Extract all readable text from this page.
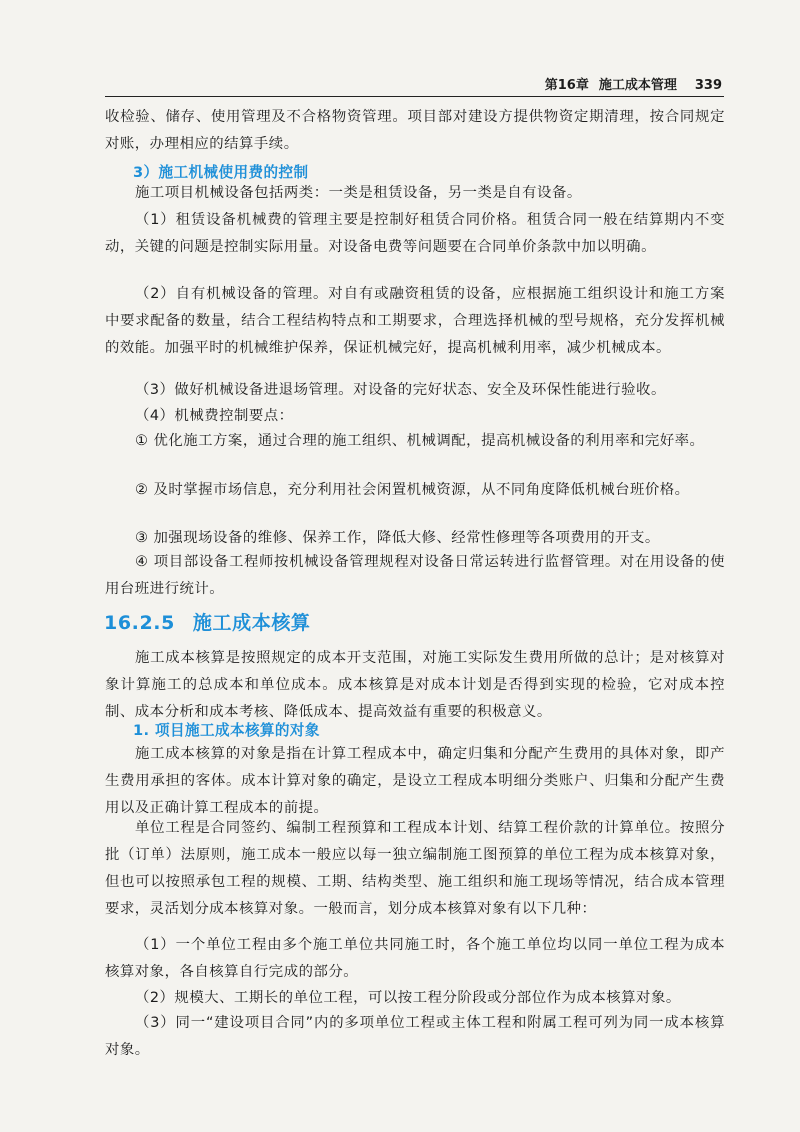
第16章 施工成本管理 339
收检验、储存、使用管理及不合格物资管理。项目部对建设方提供物资定期清理，按合同规定对账，办理相应的结算手续。
3）施工机械使用费的控制
施工项目机械设备包括两类：一类是租赁设备，另一类是自有设备。
（1）租赁设备机械费的管理主要是控制好租赁合同价格。租赁合同一般在结算期内不变动，关键的问题是控制实际用量。对设备电费等问题要在合同单价条款中加以明确。
（2）自有机械设备的管理。对自有或融资租赁的设备，应根据施工组织设计和施工方案中要求配备的数量，结合工程结构特点和工期要求，合理选择机械的型号规格，充分发挥机械的效能。加强平时的机械维护保养，保证机械完好，提高机械利用率，减少机械成本。
（3）做好机械设备进退场管理。对设备的完好状态、安全及环保性能进行验收。
（4）机械费控制要点：
① 优化施工方案，通过合理的施工组织、机械调配，提高机械设备的利用率和完好率。
② 及时掌握市场信息，充分利用社会闲置机械资源，从不同角度降低机械台班价格。
③ 加强现场设备的维修、保养工作，降低大修、经常性修理等各项费用的开支。
④ 项目部设备工程师按机械设备管理规程对设备日常运转进行监督管理。对在用设备的使用台班进行统计。
16.2.5 施工成本核算
施工成本核算是按照规定的成本开支范围，对施工实际发生费用所做的总计；是对核算对象计算施工的总成本和单位成本。成本核算是对成本计划是否得到实现的检验，它对成本控制、成本分析和成本考核、降低成本、提高效益有重要的积极意义。
1. 项目施工成本核算的对象
施工成本核算的对象是指在计算工程成本中，确定归集和分配产生费用的具体对象，即产生费用承担的客体。成本计算对象的确定，是设立工程成本明细分类账户、归集和分配产生费用以及正确计算工程成本的前提。
单位工程是合同签约、编制工程预算和工程成本计划、结算工程价款的计算单位。按照分批（订单）法原则，施工成本一般应以每一独立编制施工图预算的单位工程为成本核算对象，但也可以按照承包工程的规模、工期、结构类型、施工组织和施工现场等情况，结合成本管理要求，灵活划分成本核算对象。一般而言，划分成本核算对象有以下几种：
（1）一个单位工程由多个施工单位共同施工时，各个施工单位均以同一单位工程为成本核算对象，各自核算自行完成的部分。
（2）规模大、工期长的单位工程，可以按工程分阶段或分部位作为成本核算对象。
（3）同一“建设项目合同”内的多项单位工程或主体工程和附属工程可列为同一成本核算对象。
